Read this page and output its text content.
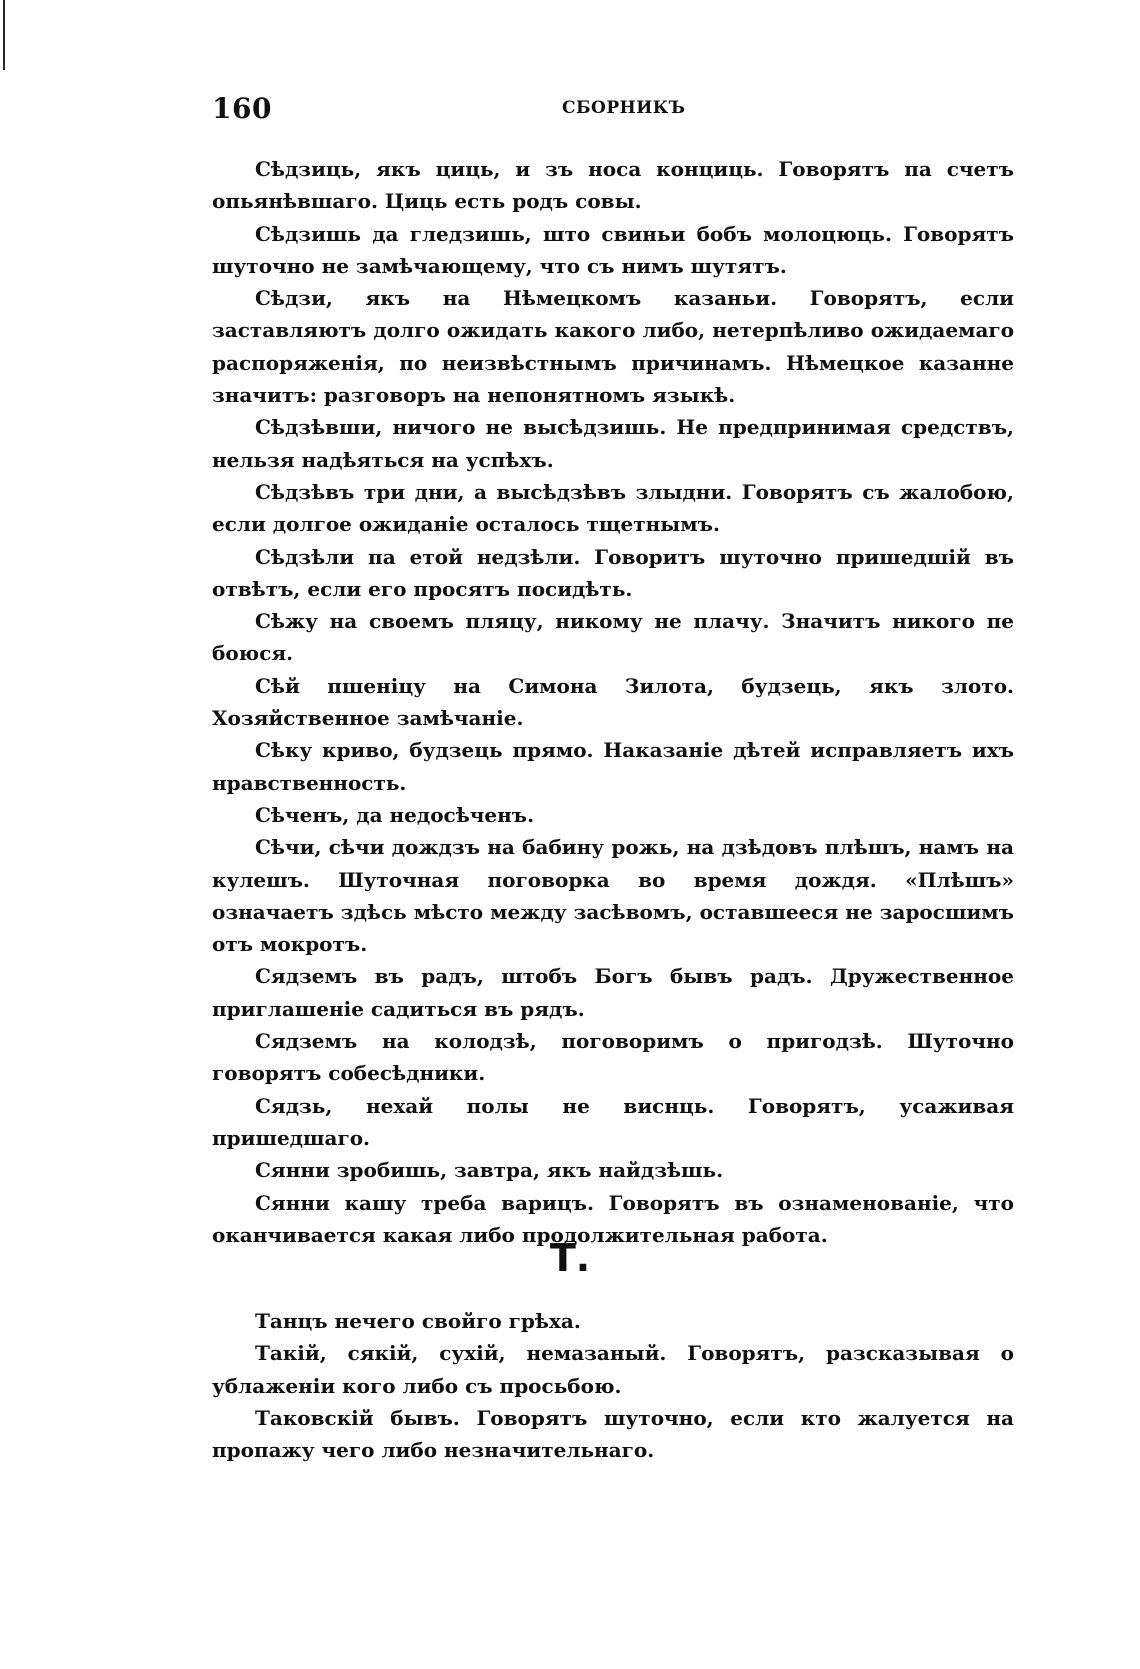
160	СБОРНИКЪ

Сѣдзиць, якъ циць, и зъ носа конциць. Говорятъ па счетъ опьянѣвшаго. Циць есть родъ совы.

Сѣдзишь да гледзишь, што свиньи бобъ молоцюць. Говорятъ шуточно не замѣчающему, что съ нимъ шутятъ.

Сѣдзи, якъ на Нѣмецкомъ казаньи. Говорятъ, если заставляютъ долго ожидать какого либо, нетерпѣливо ожидаемаго распоряженія, по неизвѣстнымъ причинамъ. Нѣмецкое казанне значитъ: разговоръ на непонятномъ языкѣ.

Сѣдзѣвши, ничого не высѣдзишь. Не предпринимая средствъ, нельзя надѣяться на успѣхъ.

Сѣдзѣвъ три дни, а высѣдзѣвъ злыдни. Говорятъ съ жалобою, если долгое ожиданіе осталось тщетнымъ.

Сѣдзѣли па етой недзѣли. Говоритъ шуточно пришедшій въ отвѣтъ, если его просятъ посидѣть.

Сѣжу на своемъ пляцу, никому не плачу. Значитъ никого пе боюся.

Сѣй пшеніцу на Симона Зилота, будзець, якъ злото. Хозяйственное замѣчаніе.

Сѣку криво, будзець прямо. Наказаніе дѣтей исправляетъ ихъ нравственность.

Сѣченъ, да недосѣченъ.

Сѣчи, сѣчи дождзъ на бабину рожь, на дзѣдовъ плѣшъ, намъ на кулешъ. Шуточная поговорка во время дождя. «Плѣшъ» означаетъ здѣсь мѣсто между засѣвомъ, оставшееся не заросшимъ отъ мокротъ.

Сядземъ въ радъ, штобъ Богъ бывъ радъ. Дружественное приглашеніе садиться въ рядъ.

Сядземъ на колодзѣ, поговоримъ о пригодзѣ. Шуточно говорятъ собесѣдники.

Сядзь, нехай полы не виснць. Говорятъ, усаживая пришедшаго.

Сянни зробишь, завтра, якъ найдзѣшь.

Сянни кашу треба варицъ. Говорятъ въ ознаменованіе, что оканчивается какая либо продолжительная работа.

Т.

Танцъ нечего свойго грѣха.

Такій, сякій, сухій, немазаный. Говорятъ, разсказывая о ублаженіи кого либо съ просьбою.

Таковскій бывъ. Говорятъ шуточно, если кто жалуется на пропажу чего либо незначительнаго.
